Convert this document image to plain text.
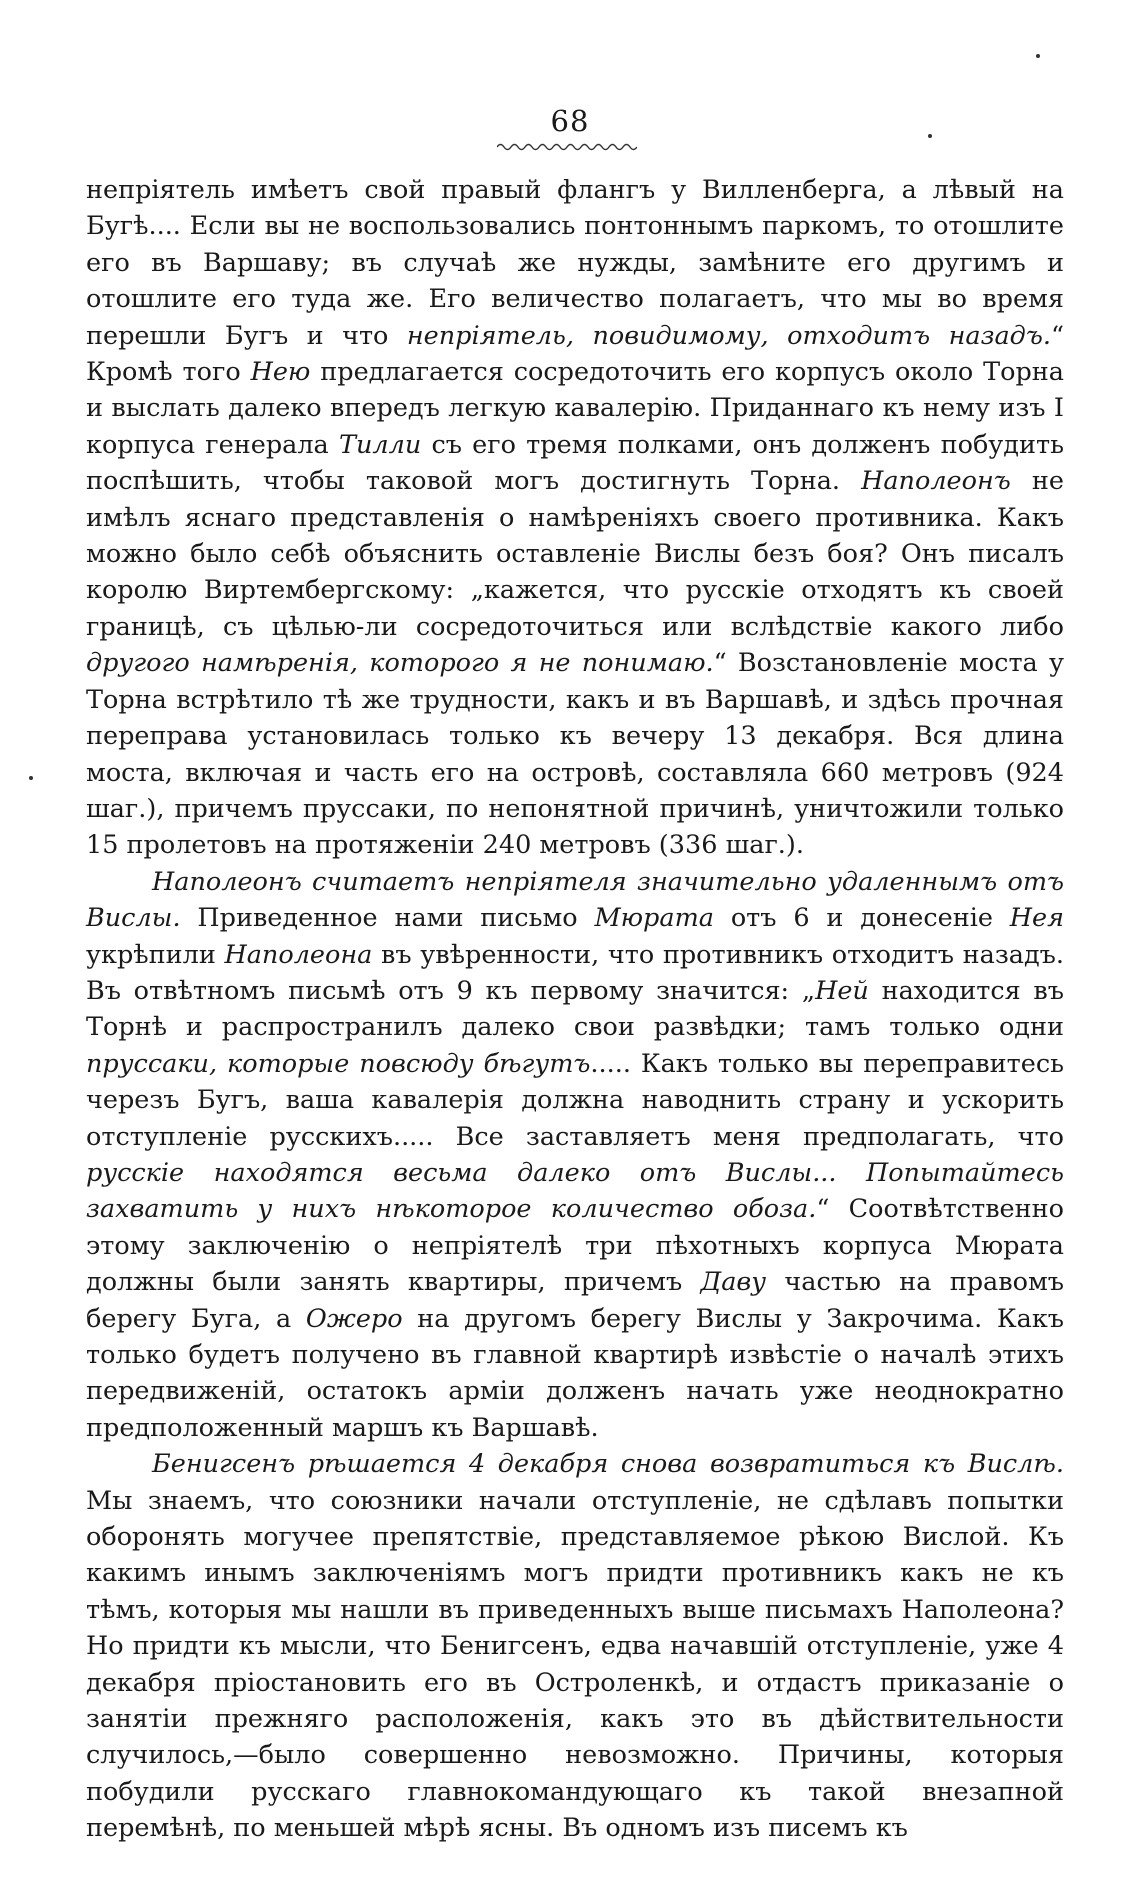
68

непріятель имѣетъ свой правый флангъ у Вилленберга, а лѣвый на Бугѣ.... Если вы не воспользовались понтоннымъ паркомъ, то отошлите его въ Варшаву; въ случаѣ же нужды, замѣните его другимъ и отошлите его туда же. Его величество полагаетъ, что мы во время перешли Бугъ и что непріятель, повидимому, отходитъ назадъ.“ Кромѣ того Нею предлагается сосредоточить его корпусъ около Торна и выслать далеко впередъ легкую кавалерію. Приданнаго къ нему изъ I корпуса генерала Тилли съ его тремя полками, онъ долженъ побудить поспѣшить, чтобы таковой могъ достигнуть Торна. Наполеонъ не имѣлъ яснаго представленія о намѣреніяхъ своего противника. Какъ можно было себѣ объяснить оставленіе Вислы безъ боя? Онъ писалъ королю Виртембергскому: „кажется, что русскіе отходятъ къ своей границѣ, съ цѣлью-ли сосредоточиться или вслѣдствіе какого либо другого намѣренія, которого я не понимаю.“ Возстановленіе моста у Торна встрѣтило тѣ же трудности, какъ и въ Варшавѣ, и здѣсь прочная переправа установилась только къ вечеру 13 декабря. Вся длина моста, включая и часть его на островѣ, составляла 660 метровъ (924 шаг.), причемъ пруссаки, по непонятной причинѣ, уничтожили только 15 пролетовъ на протяженіи 240 метровъ (336 шаг.).

Наполеонъ считаетъ непріятеля значительно удаленнымъ отъ Вислы. Приведенное нами письмо Мюрата отъ 6 и донесеніе Нея укрѣпили Наполеона въ увѣренности, что противникъ отходитъ назадъ. Въ отвѣтномъ письмѣ отъ 9 къ первому значится: „Ней находится въ Торнѣ и распространилъ далеко свои развѣдки; тамъ только одни пруссаки, которые повсюду бѣгутъ..... Какъ только вы переправитесь черезъ Бугъ, ваша кавалерія должна наводнить страну и ускорить отступленіе русскихъ..... Все заставляетъ меня предполагать, что русскіе находятся весьма далеко отъ Вислы... Попытайтесь захватить у нихъ нѣкоторое количество обоза.“ Соотвѣтственно этому заключенію о непріятелѣ три пѣхотныхъ корпуса Мюрата должны были занять квартиры, причемъ Даву частью на правомъ берегу Буга, а Ожеро на другомъ берегу Вислы у Закрочима. Какъ только будетъ получено въ главной квартирѣ извѣстіе о началѣ этихъ передвиженій, остатокъ арміи долженъ начать уже неоднократно предположенный маршъ къ Варшавѣ.

Бенигсенъ рѣшается 4 декабря снова возвратиться къ Вислѣ. Мы знаемъ, что союзники начали отступленіе, не сдѣлавъ попытки оборонять могучее препятствіе, представляемое рѣкою Вислой. Къ какимъ инымъ заключеніямъ могъ придти противникъ какъ не къ тѣмъ, которыя мы нашли въ приведенныхъ выше письмахъ Наполеона? Но придти къ мысли, что Бенигсенъ, едва начавшій отступленіе, уже 4 декабря пріостановить его въ Остроленкѣ, и отдастъ приказаніе о занятіи прежняго расположенія, какъ это въ дѣйствительности случилось,—было совершенно невозможно. Причины, которыя побудили русскаго главнокомандующаго къ такой внезапной перемѣнѣ, по меньшей мѣрѣ ясны. Въ одномъ изъ писемъ къ
